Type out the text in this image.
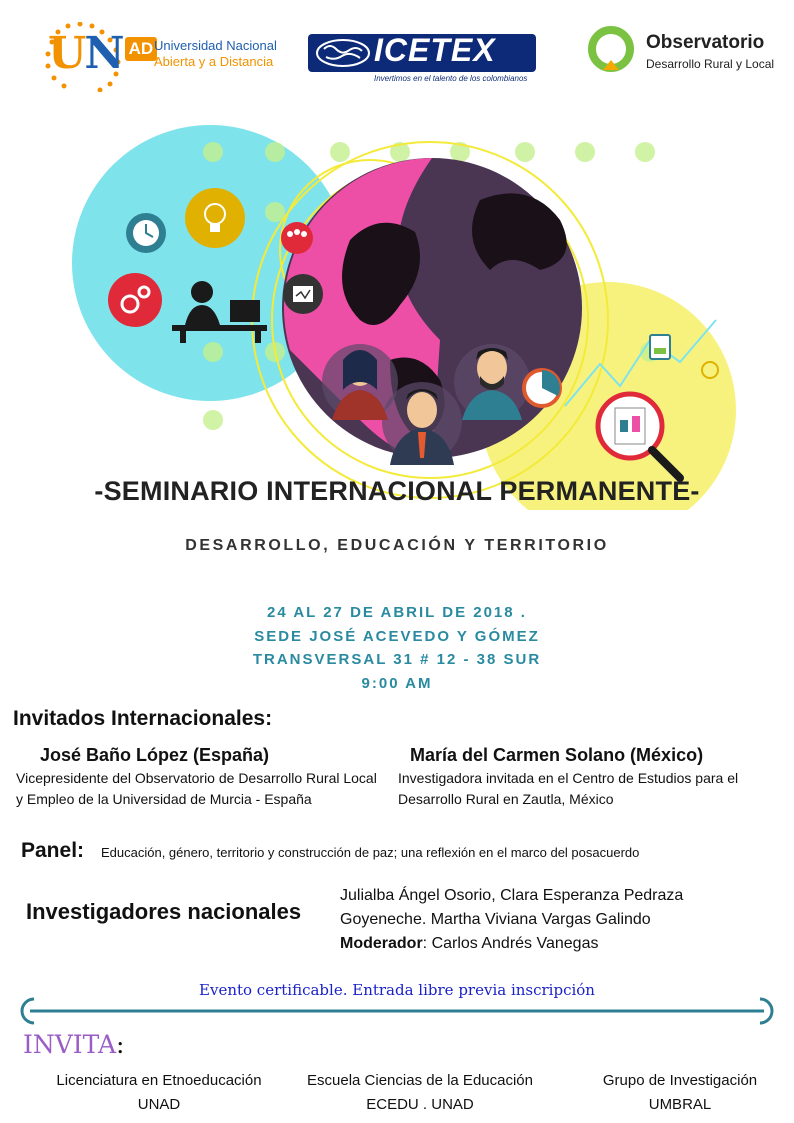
UN AD Universidad Nacional
Abierta y a Distancia	ICETEX
Invertimos en el talento de los colombianos
Observatorio
Desarrollo Rural y Local
-SEMINARIO INTERNACIONAL PERMANENTE-
DESARROLLO, EDUCACIÓN Y TERRITORIO
24 AL 27 DE ABRIL DE 2018 .
SEDE JOSÉ ACEVEDO Y GÓMEZ
TRANSVERSAL 31 # 12 - 38 SUR
9:00 AM
Invitados Internacionales:
José Baño López (España)
Vicepresidente del Observatorio de Desarrollo Rural Local y Empleo de la Universidad de Murcia - España
María del Carmen Solano (México)
Investigadora invitada en el Centro de Estudios para el Desarrollo Rural en Zautla, México
Panel: Educación, género, territorio y construcción de paz; una reflexión en el marco del posacuerdo
Investigadores nacionales
Julialba Ángel Osorio, Clara Esperanza Pedraza
Goyeneche. Martha Viviana Vargas Galindo
Moderador: Carlos Andrés Vanegas
Evento certificable. Entrada libre previa inscripción
INVITA:
Licenciatura en Etnoeducación
UNAD
Escuela Ciencias de la Educación
ECEDU . UNAD
Grupo de Investigación
UMBRAL
